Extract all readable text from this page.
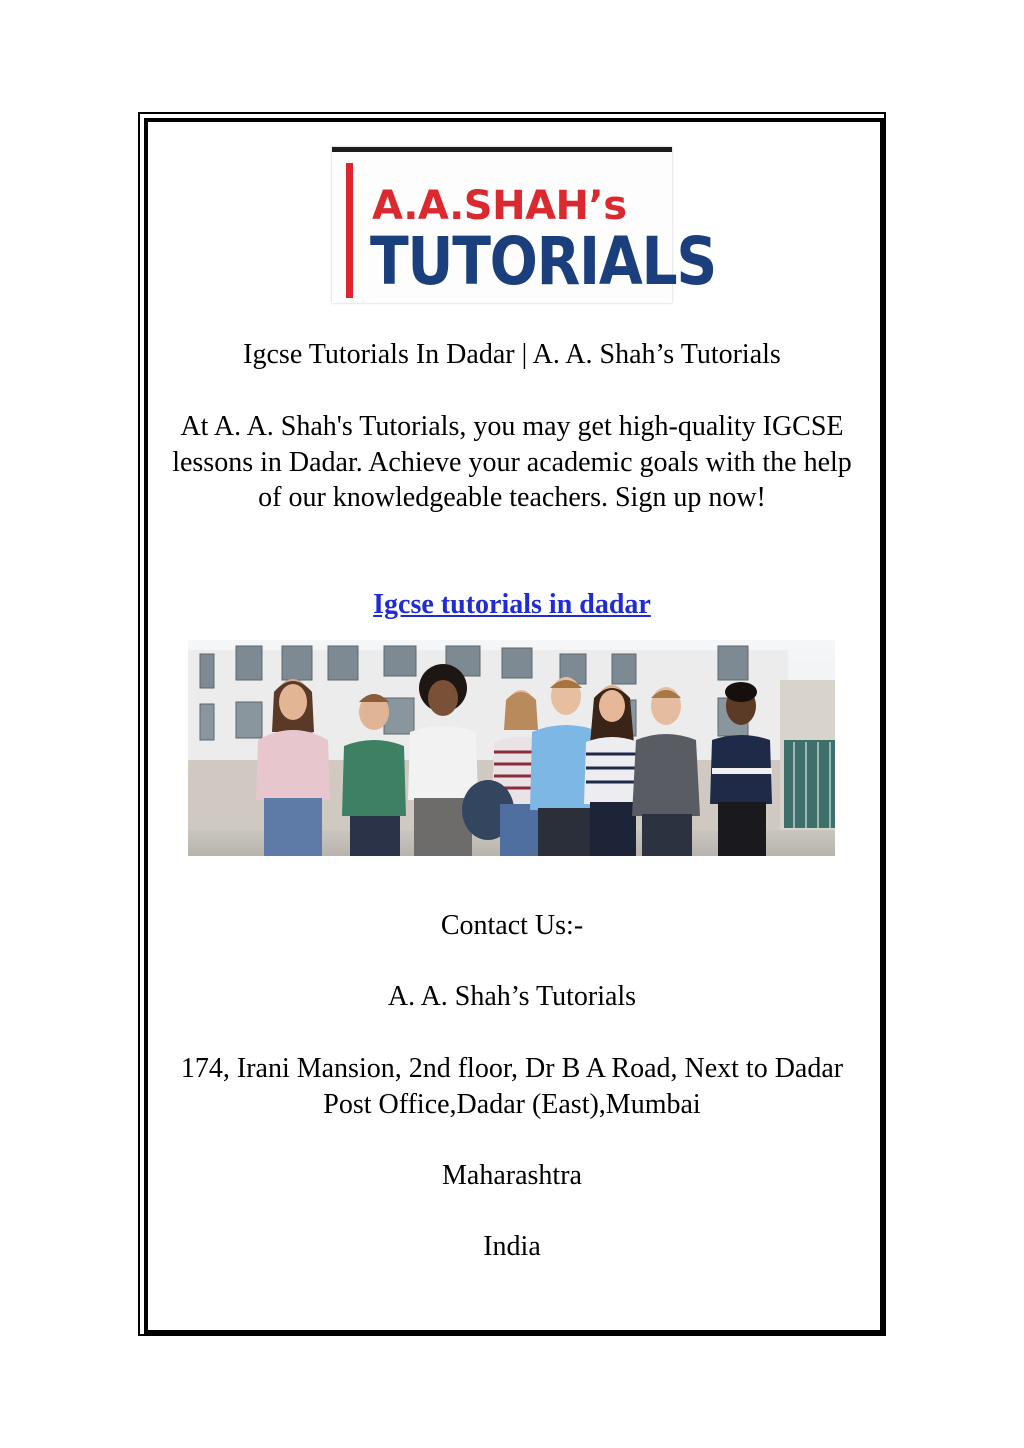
A.A.SHAH’s
TUTORIALS
Igcse Tutorials In Dadar | A. A. Shah’s Tutorials
At A. A. Shah's Tutorials, you may get high-quality IGCSE lessons in Dadar. Achieve your academic goals with the help of our knowledgeable teachers. Sign up now!
Igcse tutorials in dadar
Contact Us:-
A. A. Shah’s Tutorials
174, Irani Mansion, 2nd floor, Dr B A Road, Next to Dadar Post Office,Dadar (East),Mumbai
Maharashtra
India
